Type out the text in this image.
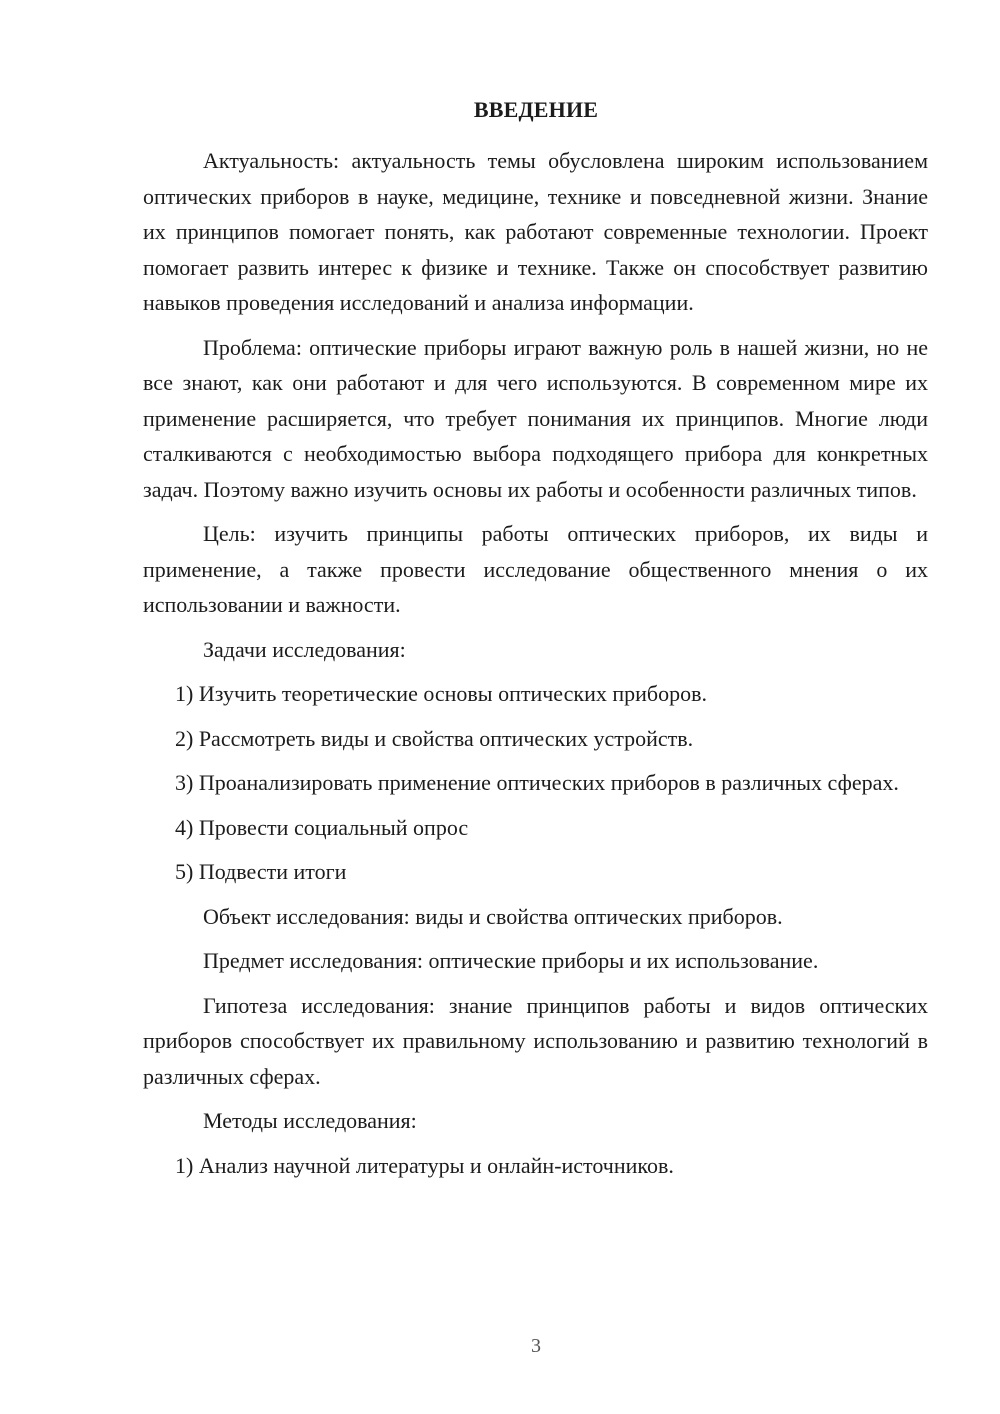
ВВЕДЕНИЕ

Актуальность: актуальность темы обусловлена широким использованием оптических приборов в науке, медицине, технике и повседневной жизни. Знание их принципов помогает понять, как работают современные технологии. Проект помогает развить интерес к физике и технике. Также он способствует развитию навыков проведения исследований и анализа информации.

Проблема: оптические приборы играют важную роль в нашей жизни, но не все знают, как они работают и для чего используются. В современном мире их применение расширяется, что требует понимания их принципов. Многие люди сталкиваются с необходимостью выбора подходящего прибора для конкретных задач. Поэтому важно изучить основы их работы и особенности различных типов.

Цель: изучить принципы работы оптических приборов, их виды и применение, а также провести исследование общественного мнения о их использовании и важности.

Задачи исследования:

1) Изучить теоретические основы оптических приборов.

2) Рассмотреть виды и свойства оптических устройств.

3) Проанализировать применение оптических приборов в различных сферах.

4) Провести социальный опрос

5) Подвести итоги

Объект исследования: виды и свойства оптических приборов.

Предмет исследования: оптические приборы и их использование.

Гипотеза исследования: знание принципов работы и видов оптических приборов способствует их правильному использованию и развитию технологий в различных сферах.

Методы исследования:

1) Анализ научной литературы и онлайн-источников.

3
